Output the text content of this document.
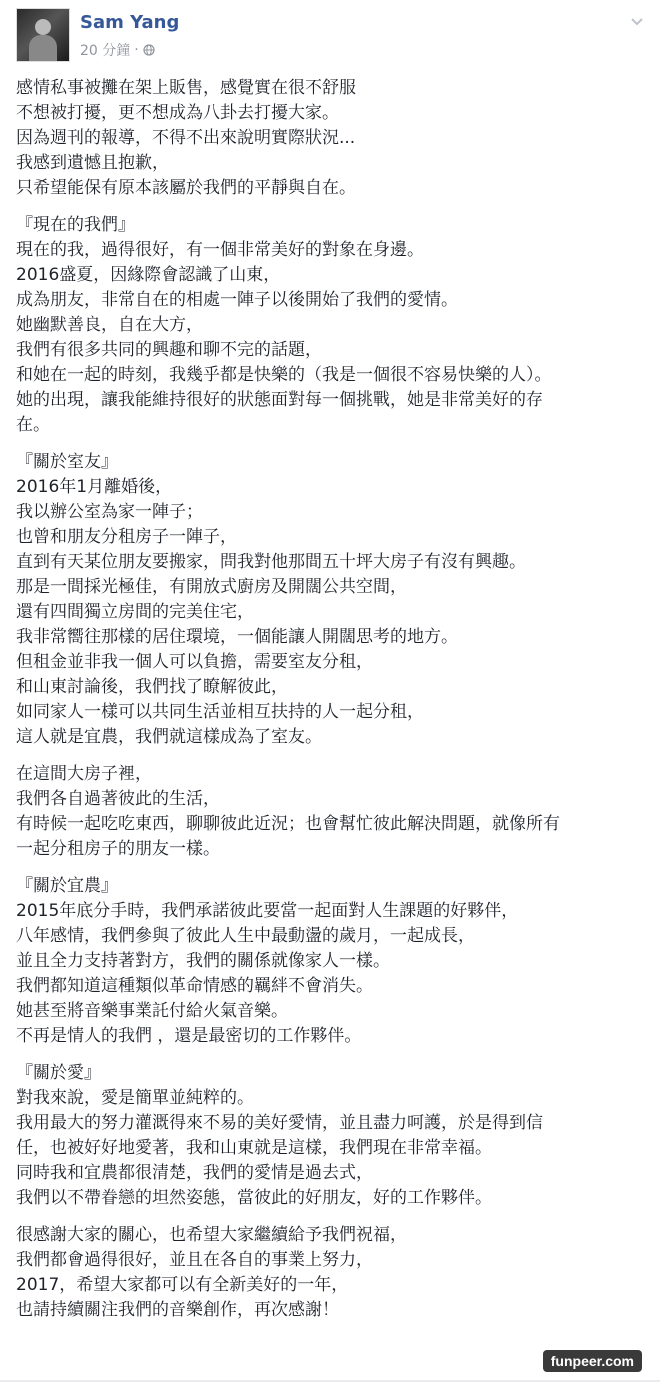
Sam Yang
20 分鐘 ·
感情私事被攤在架上販售，感覺實在很不舒服
不想被打擾，更不想成為八卦去打擾大家。
因為週刊的報導，不得不出來說明實際狀況...
我感到遺憾且抱歉，
只希望能保有原本該屬於我們的平靜與自在。
『現在的我們』
現在的我，過得很好，有一個非常美好的對象在身邊。
2016盛夏，因緣際會認識了山東，
成為朋友，非常自在的相處一陣子以後開始了我們的愛情。
她幽默善良，自在大方，
我們有很多共同的興趣和聊不完的話題，
和她在一起的時刻，我幾乎都是快樂的（我是一個很不容易快樂的人）。
她的出現，讓我能維持很好的狀態面對每一個挑戰，她是非常美好的存
在。
『關於室友』
2016年1月離婚後，
我以辦公室為家一陣子；
也曾和朋友分租房子一陣子，
直到有天某位朋友要搬家，問我對他那間五十坪大房子有沒有興趣。
那是一間採光極佳，有開放式廚房及開闊公共空間，
還有四間獨立房間的完美住宅，
我非常嚮往那樣的居住環境，一個能讓人開闊思考的地方。
但租金並非我一個人可以負擔，需要室友分租，
和山東討論後，我們找了瞭解彼此，
如同家人一樣可以共同生活並相互扶持的人一起分租，
這人就是宜農，我們就這樣成為了室友。
在這間大房子裡，
我們各自過著彼此的生活，
有時候一起吃吃東西，聊聊彼此近況；也會幫忙彼此解決問題，就像所有
一起分租房子的朋友一樣。
『關於宜農』
2015年底分手時，我們承諾彼此要當一起面對人生課題的好夥伴，
八年感情，我們參與了彼此人生中最動盪的歲月，一起成長，
並且全力支持著對方，我們的關係就像家人一樣。
我們都知道這種類似革命情感的羈絆不會消失。
她甚至將音樂事業託付給火氣音樂。
不再是情人的我們 ，還是最密切的工作夥伴。
『關於愛』
對我來說，愛是簡單並純粹的。
我用最大的努力灌溉得來不易的美好愛情，並且盡力呵護，於是得到信
任，也被好好地愛著，我和山東就是這樣，我們現在非常幸福。
同時我和宜農都很清楚，我們的愛情是過去式，
我們以不帶眷戀的坦然姿態，當彼此的好朋友，好的工作夥伴。
很感謝大家的關心，也希望大家繼續給予我們祝福，
我們都會過得很好，並且在各自的事業上努力，
2017，希望大家都可以有全新美好的一年，
也請持續關注我們的音樂創作，再次感謝！
funpeer.com
